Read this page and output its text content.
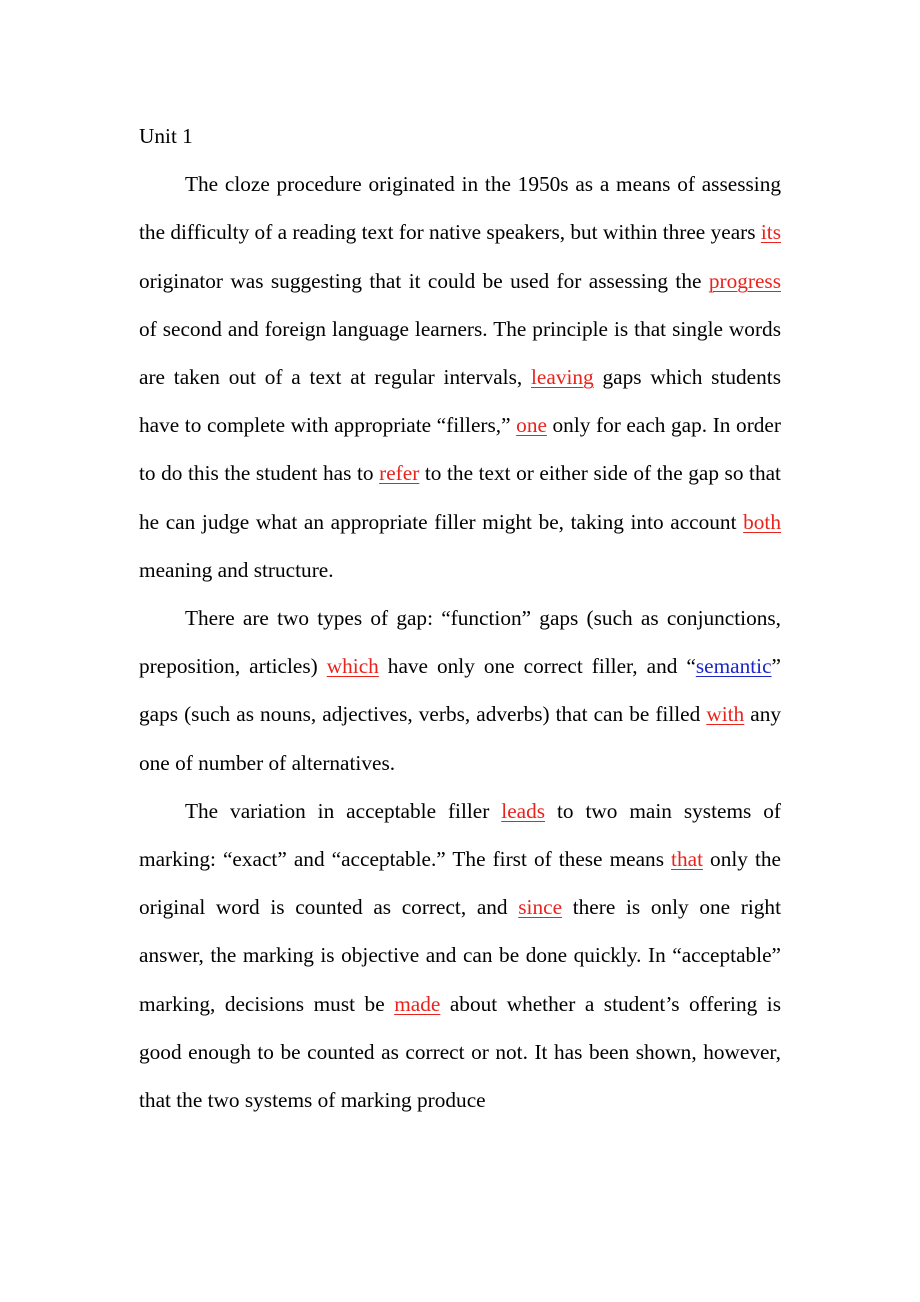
Unit 1

The cloze procedure originated in the 1950s as a means of assessing the difficulty of a reading text for native speakers, but within three years its originator was suggesting that it could be used for assessing the progress of second and foreign language learners. The principle is that single words are taken out of a text at regular intervals, leaving gaps which students have to complete with appropriate “fillers,” one only for each gap. In order to do this the student has to refer to the text or either side of the gap so that he can judge what an appropriate filler might be, taking into account both meaning and structure.

There are two types of gap: “function” gaps (such as conjunctions, preposition, articles) which have only one correct filler, and “semantic” gaps (such as nouns, adjectives, verbs, adverbs) that can be filled with any one of number of alternatives.

The variation in acceptable filler leads to two main systems of marking: “exact” and “acceptable.” The first of these means that only the original word is counted as correct, and since there is only one right answer, the marking is objective and can be done quickly. In “acceptable” marking, decisions must be made about whether a student’s offering is good enough to be counted as correct or not. It has been shown, however, that the two systems of marking produce
